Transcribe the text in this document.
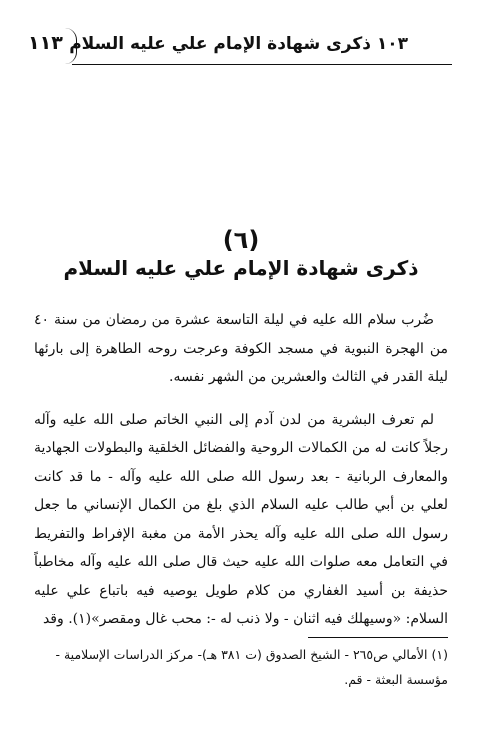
١٠٣ ذكرى شهادة الإمام علي عليه السلام
١١٣
(٦)
ذكرى شهادة الإمام علي عليه السلام

ضُرب سلام الله عليه في ليلة التاسعة عشرة من رمضان من سنة ٤٠ من الهجرة النبوية في مسجد الكوفة وعرجت روحه الطاهرة إلى بارئها ليلة القدر في الثالث والعشرين من الشهر نفسه.

لم تعرف البشرية من لدن آدم إلى النبي الخاتم صلى الله عليه وآله رجلاً كانت له من الكمالات الروحية والفضائل الخلقية والبطولات الجهادية والمعارف الربانية - بعد رسول الله صلى الله عليه وآله - ما قد كانت لعلي بن أبي طالب عليه السلام الذي بلغ من الكمال الإنساني ما جعل رسول الله صلى الله عليه وآله يحذر الأمة من مغبة الإفراط والتفريط في التعامل معه صلوات الله عليه حيث قال صلى الله عليه وآله مخاطباً حذيفة بن أسيد الغفاري من كلام طويل يوصيه فيه باتباع علي عليه السلام: «وسيهلك فيه اثنان - ولا ذنب له -: محب غال ومقصر»(١). وقد

(١) الأمالي ص٢٦٥ - الشيخ الصدوق (ت ٣٨١ هـ)- مركز الدراسات الإسلامية - مؤسسة البعثة - قم.
